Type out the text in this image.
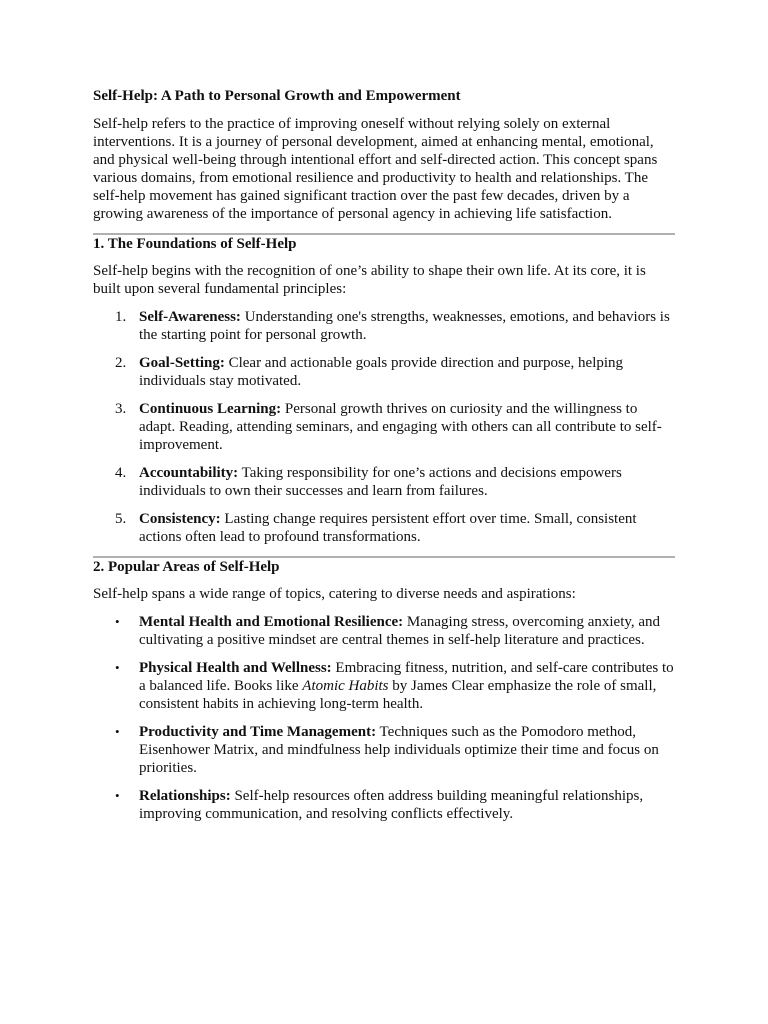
Self-Help: A Path to Personal Growth and Empowerment

Self-help refers to the practice of improving oneself without relying solely on external interventions. It is a journey of personal development, aimed at enhancing mental, emotional, and physical well-being through intentional effort and self-directed action. This concept spans various domains, from emotional resilience and productivity to health and relationships. The self-help movement has gained significant traction over the past few decades, driven by a growing awareness of the importance of personal agency in achieving life satisfaction.

1. The Foundations of Self-Help

Self-help begins with the recognition of one’s ability to shape their own life. At its core, it is built upon several fundamental principles:

1. Self-Awareness: Understanding one's strengths, weaknesses, emotions, and behaviors is the starting point for personal growth.
2. Goal-Setting: Clear and actionable goals provide direction and purpose, helping individuals stay motivated.
3. Continuous Learning: Personal growth thrives on curiosity and the willingness to adapt. Reading, attending seminars, and engaging with others can all contribute to self-improvement.
4. Accountability: Taking responsibility for one’s actions and decisions empowers individuals to own their successes and learn from failures.
5. Consistency: Lasting change requires persistent effort over time. Small, consistent actions often lead to profound transformations.
2. Popular Areas of Self-Help

Self-help spans a wide range of topics, catering to diverse needs and aspirations:

• Mental Health and Emotional Resilience: Managing stress, overcoming anxiety, and cultivating a positive mindset are central themes in self-help literature and practices.
• Physical Health and Wellness: Embracing fitness, nutrition, and self-care contributes to a balanced life. Books like Atomic Habits by James Clear emphasize the role of small, consistent habits in achieving long-term health.
• Productivity and Time Management: Techniques such as the Pomodoro method, Eisenhower Matrix, and mindfulness help individuals optimize their time and focus on priorities.
• Relationships: Self-help resources often address building meaningful relationships, improving communication, and resolving conflicts effectively.
